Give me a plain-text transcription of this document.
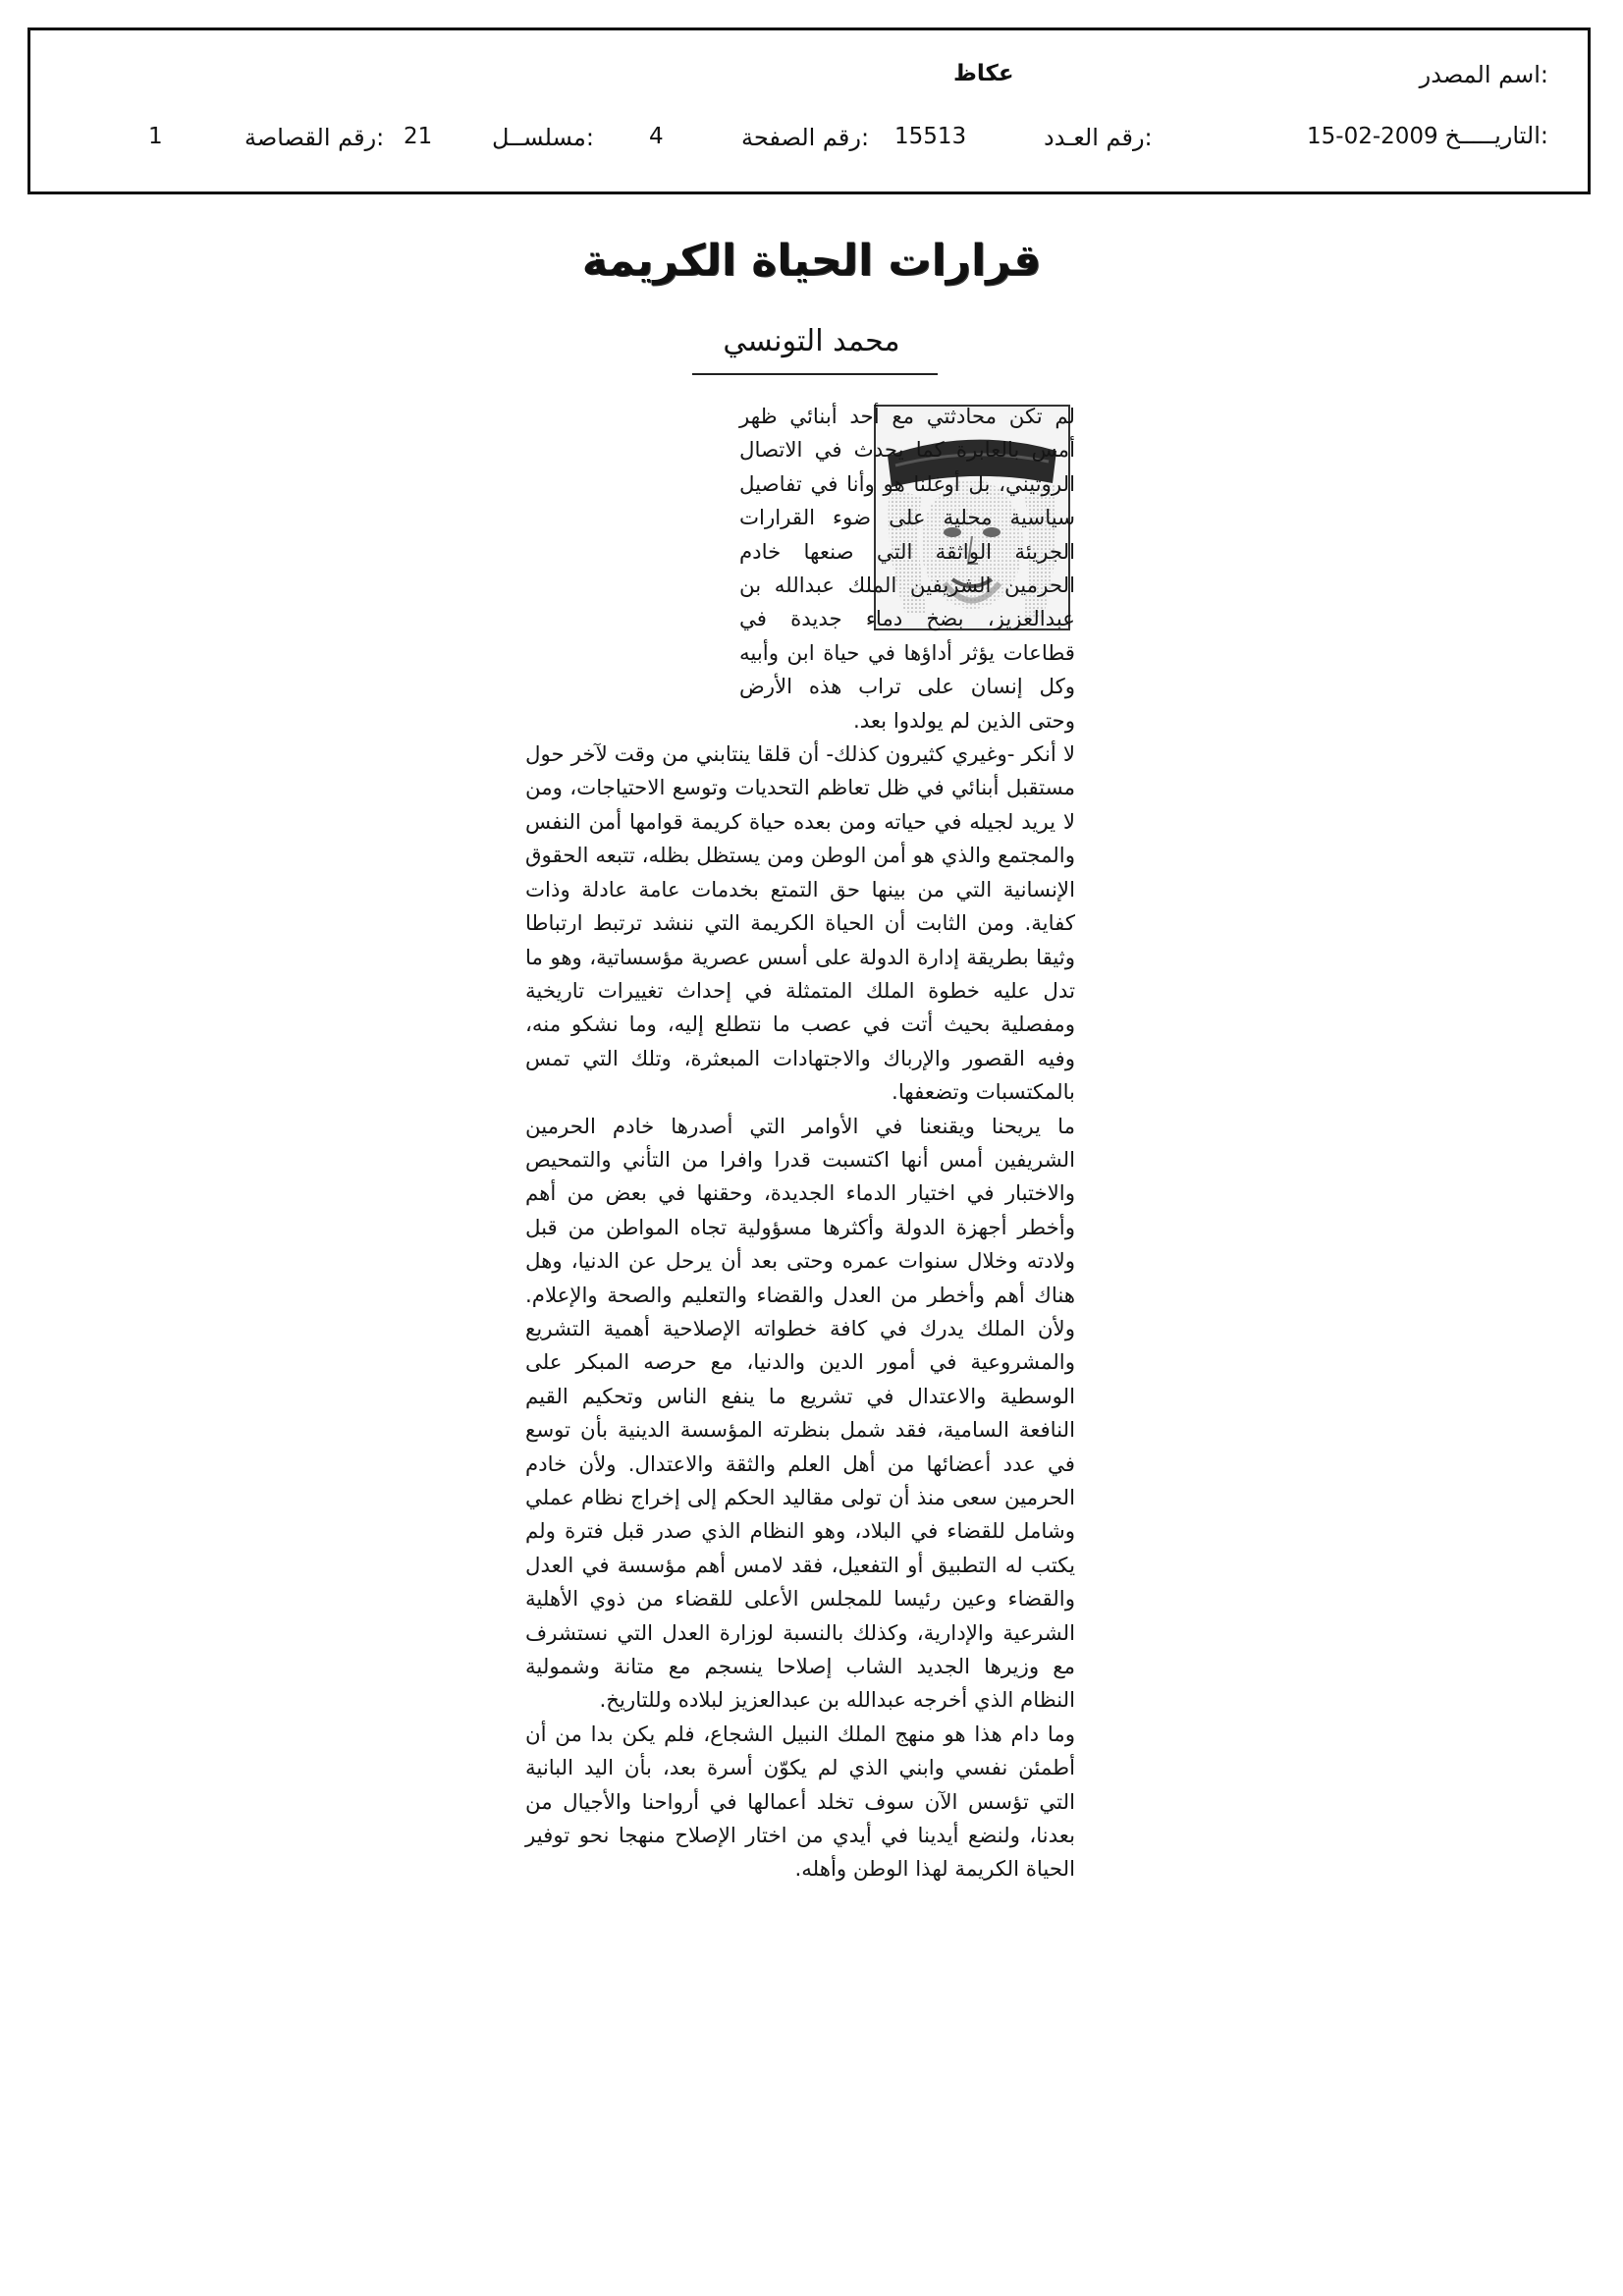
اسم المصدر:
عكاظ
التاريـــــخ:
15-02-2009
رقم العـدد:
15513
رقم الصفحة:
4
مسلســل:
21
رقم القصاصة:
1
قرارات الحياة الكريمة
محمد التونسي

لم تكن محادثتي مع أحد أبنائي ظهر أمس بالعابرة كما يحدث في الاتصال الروتيني، بل أوغلنا هو وأنا في تفاصيل سياسية محلية على ضوء القرارات الجريئة الواثقة التي صنعها خادم الحرمين الشريفين الملك عبدالله بن عبدالعزيز، بضخ دماء جديدة في قطاعات يؤثر أداؤها في حياة ابن وأبيه وكل إنسان على تراب هذه الأرض وحتى الذين لم يولدوا بعد.

لا أنكر -وغيري كثيرون كذلك- أن قلقا ينتابني من وقت لآخر حول مستقبل أبنائي في ظل تعاظم التحديات وتوسع الاحتياجات، ومن لا يريد لجيله في حياته ومن بعده حياة كريمة قوامها أمن النفس والمجتمع والذي هو أمن الوطن ومن يستظل بظله، تتبعه الحقوق الإنسانية التي من بينها حق التمتع بخدمات عامة عادلة وذات كفاية. ومن الثابت أن الحياة الكريمة التي ننشد ترتبط ارتباطا وثيقا بطريقة إدارة الدولة على أسس عصرية مؤسساتية، وهو ما تدل عليه خطوة الملك المتمثلة في إحداث تغييرات تاريخية ومفصلية بحيث أتت في عصب ما نتطلع إليه، وما نشكو منه، وفيه القصور والإرباك والاجتهادات المبعثرة، وتلك التي تمس بالمكتسبات وتضعفها.

ما يريحنا ويقنعنا في الأوامر التي أصدرها خادم الحرمين الشريفين أمس أنها اكتسبت قدرا وافرا من التأني والتمحيص والاختبار في اختيار الدماء الجديدة، وحقنها في بعض من أهم وأخطر أجهزة الدولة وأكثرها مسؤولية تجاه المواطن من قبل ولادته وخلال سنوات عمره وحتى بعد أن يرحل عن الدنيا، وهل هناك أهم وأخطر من العدل والقضاء والتعليم والصحة والإعلام. ولأن الملك يدرك في كافة خطواته الإصلاحية أهمية التشريع والمشروعية في أمور الدين والدنيا، مع حرصه المبكر على الوسطية والاعتدال في تشريع ما ينفع الناس وتحكيم القيم النافعة السامية، فقد شمل بنظرته المؤسسة الدينية بأن توسع في عدد أعضائها من أهل العلم والثقة والاعتدال. ولأن خادم الحرمين سعى منذ أن تولى مقاليد الحكم إلى إخراج نظام عملي وشامل للقضاء في البلاد، وهو النظام الذي صدر قبل فترة ولم يكتب له التطبيق أو التفعيل، فقد لامس أهم مؤسسة في العدل والقضاء وعين رئيسا للمجلس الأعلى للقضاء من ذوي الأهلية الشرعية والإدارية، وكذلك بالنسبة لوزارة العدل التي نستشرف مع وزيرها الجديد الشاب إصلاحا ينسجم مع متانة وشمولية النظام الذي أخرجه عبدالله بن عبدالعزيز لبلاده وللتاريخ.

وما دام هذا هو منهج الملك النبيل الشجاع، فلم يكن بدا من أن أطمئن نفسي وابني الذي لم يكوّن أسرة بعد، بأن اليد البانية التي تؤسس الآن سوف تخلد أعمالها في أرواحنا والأجيال من بعدنا، ولنضع أيدينا في أيدي من اختار الإصلاح منهجا نحو توفير الحياة الكريمة لهذا الوطن وأهله.
